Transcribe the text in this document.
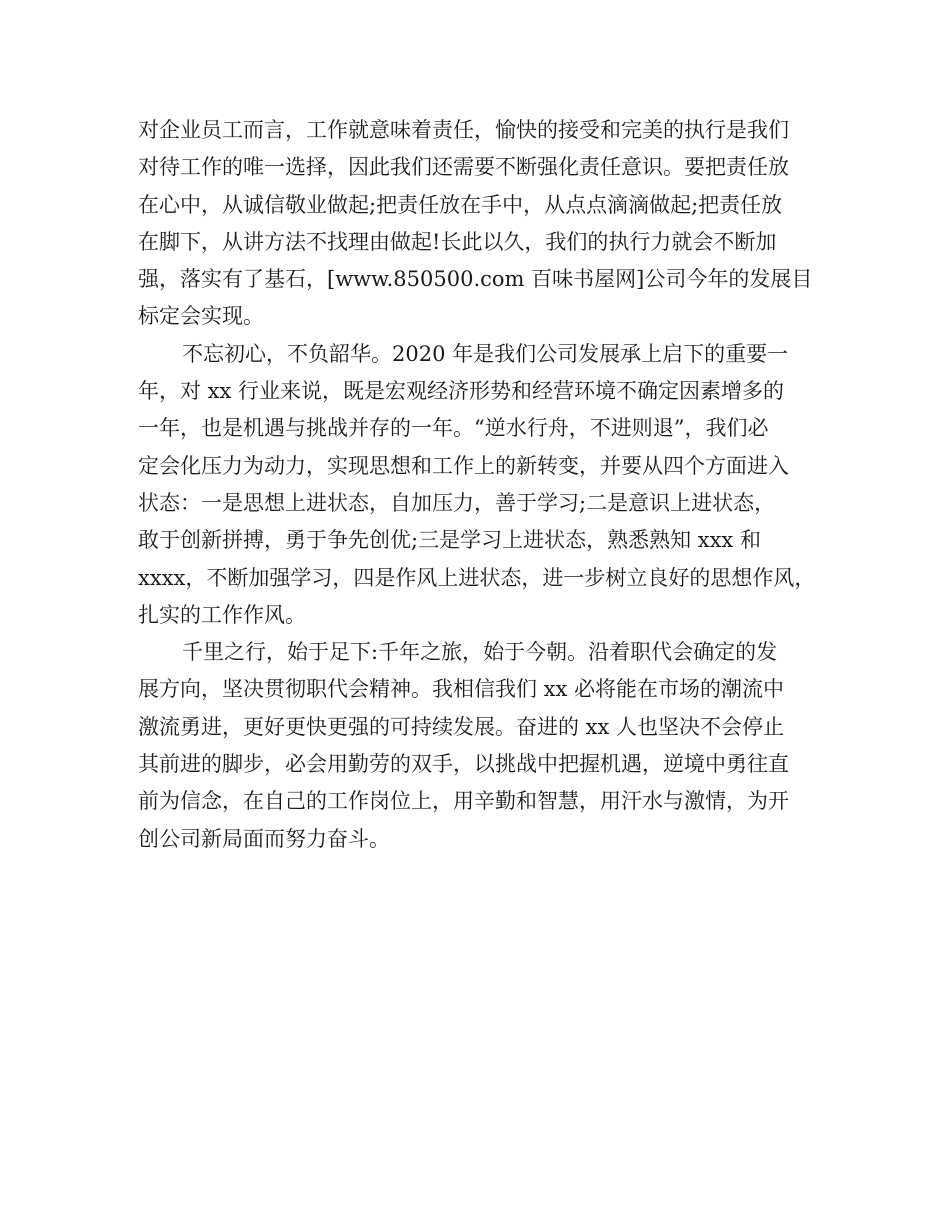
对企业员工而言，工作就意味着责任，愉快的接受和完美的执行是我们
对待工作的唯一选择，因此我们还需要不断强化责任意识。要把责任放
在心中，从诚信敬业做起;把责任放在手中，从点点滴滴做起;把责任放
在脚下，从讲方法不找理由做起!长此以久，我们的执行力就会不断加
强，落实有了基石，[www.850500.com 百味书屋网]公司今年的发展目
标定会实现。
不忘初心，不负韶华。2020 年是我们公司发展承上启下的重要一
年，对 xx 行业来说，既是宏观经济形势和经营环境不确定因素增多的
一年，也是机遇与挑战并存的一年。“逆水行舟，不进则退”，我们必
定会化压力为动力，实现思想和工作上的新转变，并要从四个方面进入
状态：一是思想上进状态，自加压力，善于学习;二是意识上进状态，
敢于创新拼搏，勇于争先创优;三是学习上进状态，熟悉熟知 xxx 和
xxxx，不断加强学习，四是作风上进状态，进一步树立良好的思想作风，
扎实的工作作风。
千里之行，始于足下:千年之旅，始于今朝。沿着职代会确定的发
展方向，坚决贯彻职代会精神。我相信我们 xx 必将能在市场的潮流中
激流勇进，更好更快更强的可持续发展。奋进的 xx 人也坚决不会停止
其前进的脚步，必会用勤劳的双手，以挑战中把握机遇，逆境中勇往直
前为信念，在自己的工作岗位上，用辛勤和智慧，用汗水与激情，为开
创公司新局面而努力奋斗。
